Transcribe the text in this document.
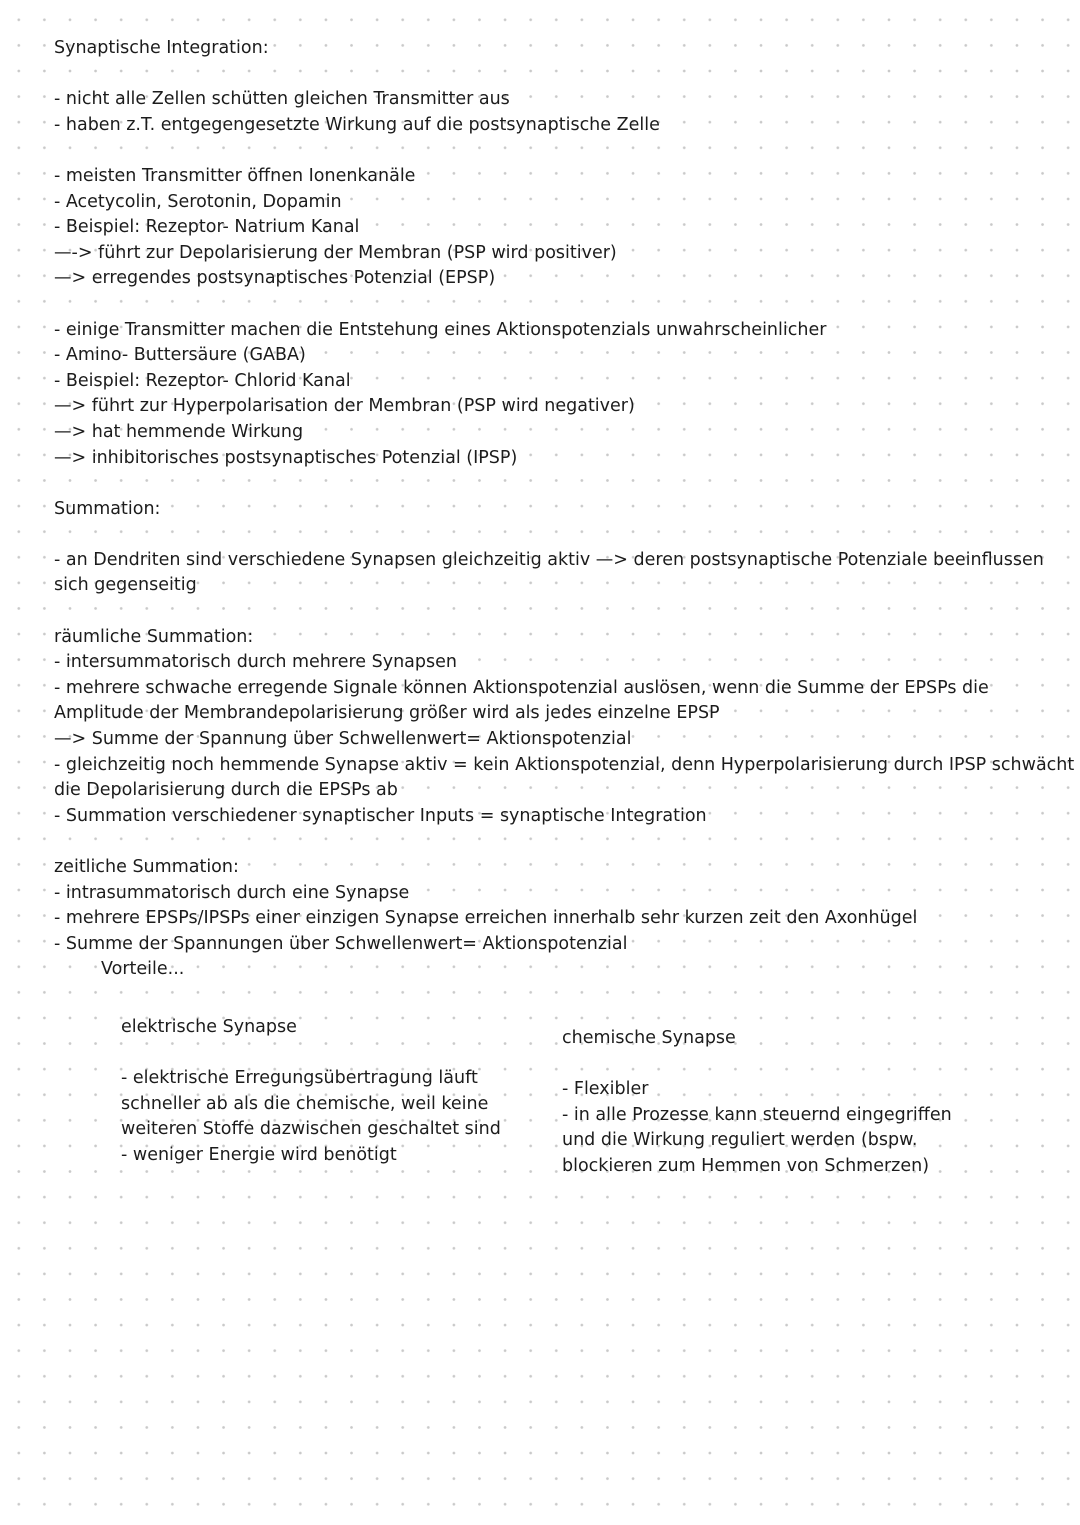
Synaptische Integration:
- nicht alle Zellen schütten gleichen Transmitter aus
- haben z.T. entgegengesetzte Wirkung auf die postsynaptische Zelle
- meisten Transmitter öffnen Ionenkanäle
- Acetycolin, Serotonin, Dopamin
- Beispiel: Rezeptor- Natrium Kanal
—-> führt zur Depolarisierung der Membran (PSP wird positiver)
—> erregendes postsynaptisches Potenzial (EPSP)
- einige Transmitter machen die Entstehung eines Aktionspotenzials unwahrscheinlicher
- Amino- Buttersäure (GABA)
- Beispiel: Rezeptor- Chlorid Kanal
—> führt zur Hyperpolarisation der Membran (PSP wird negativer)
—> hat hemmende Wirkung
—> inhibitorisches postsynaptisches Potenzial (IPSP)
Summation:
- an Dendriten sind verschiedene Synapsen gleichzeitig aktiv —> deren postsynaptische Potenziale beeinflussen
sich gegenseitig
räumliche Summation:
- intersummatorisch durch mehrere Synapsen
- mehrere schwache erregende Signale können Aktionspotenzial auslösen, wenn die Summe der EPSPs die
Amplitude der Membrandepolarisierung größer wird als jedes einzelne EPSP
—> Summe der Spannung über Schwellenwert= Aktionspotenzial
- gleichzeitig noch hemmende Synapse aktiv = kein Aktionspotenzial, denn Hyperpolarisierung durch IPSP schwächt
die Depolarisierung durch die EPSPs ab
- Summation verschiedener synaptischer Inputs = synaptische Integration
zeitliche Summation:
- intrasummatorisch durch eine Synapse
- mehrere EPSPs/IPSPs einer einzigen Synapse erreichen innerhalb sehr kurzen zeit den Axonhügel
- Summe der Spannungen über Schwellenwert= Aktionspotenzial
Vorteile...
elektrische Synapse
- elektrische Erregungsübertragung läuft
schneller ab als die chemische, weil keine
weiteren Stoffe dazwischen geschaltet sind
- weniger Energie wird benötigt
chemische Synapse
- Flexibler
- in alle Prozesse kann steuernd eingegriffen
und die Wirkung reguliert werden (bspw.
blockieren zum Hemmen von Schmerzen)
